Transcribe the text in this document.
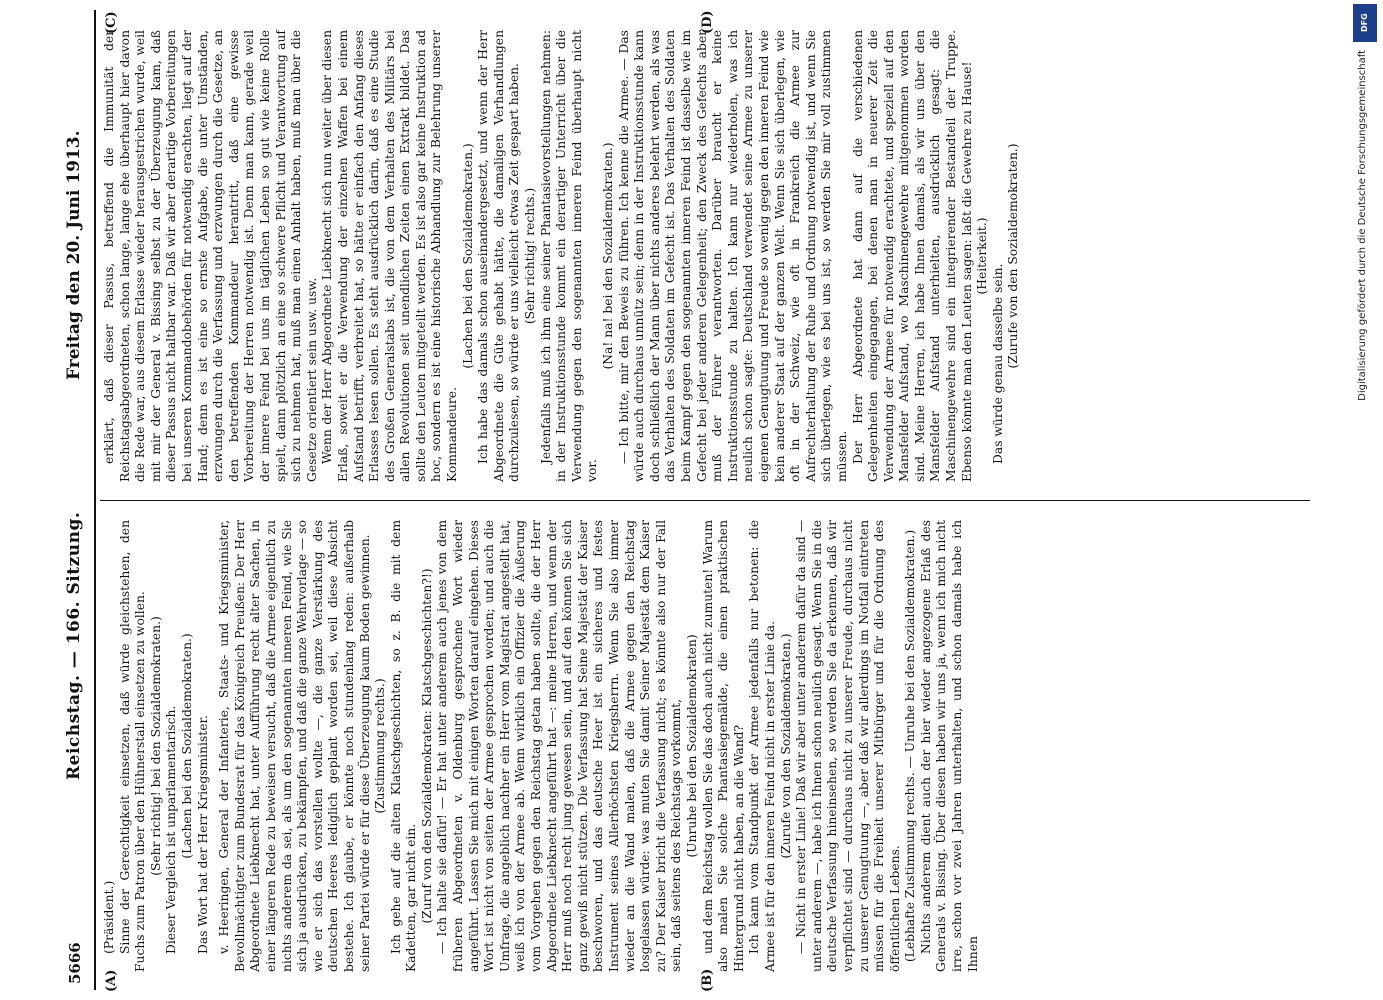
5666
Reichstag. — 166. Sitzung.
Freitag den 20. Juni 1913.
(A)	(B)
(C)	(D)
(Präsident.) Sinne der Gerechtigkeit einsetzen, daß würde gleichstehen, den Fuchs zum Patron über den Hühnerstall einsetzen zu wollen. (Sehr richtig! bei den Sozialdemokraten.) Dieser Vergleich ist unparlamentarisch. (Lachen bei den Sozialdemokraten.) Das Wort hat der Herr Kriegsminister. v. Heeringen, General der Infanterie, Staats- und Kriegsminister, Bevollmächtigter zum Bundesrat für das Königreich Preußen: Der Herr Abgeordnete Liebknecht hat, unter Aufführung recht alter Sachen, in einer längeren Rede zu beweisen versucht, daß die Armee eigentlich zu nichts anderem da sei, als um den sogenannten inneren Feind, wie Sie sich ja ausdrücken, zu bekämpfen, und daß die ganze Wehrvorlage — so wie er sich das vorstellen wollte —, die ganze Verstärkung des deutschen Heeres lediglich geplant worden sei, weil diese Absicht bestehe. Ich glaube, er könnte noch stundenlang reden: außerhalb seiner Partei würde er für diese Überzeugung kaum Boden gewinnen. (Zustimmung rechts.) Ich gehe auf die alten Klatschgeschichten, so z. B. die mit dem Kadetten, gar nicht ein. (Zuruf von den Sozialdemokraten: Klatschgeschichten?!) — Ich halte sie dafür! — Er hat unter anderem auch jenes von dem früheren Abgeordneten v. Oldenburg gesprochene Wort wieder angeführt. Lassen Sie mich mit einigen Worten darauf eingehen. Dieses Wort ist nicht von seiten der Armee gesprochen worden; und auch die Umfrage, die angeblich nachher ein Herr vom Magistrat angestellt hat, weiß ich von der Armee ab. Wenn wirklich ein Offizier die Äußerung vom Vorgehen gegen den Reichstag getan haben sollte, die der Herr Abgeordnete Liebknecht angeführt hat —: meine Herren, und wenn der Herr muß noch recht jung gewesen sein, und auf den können Sie sich ganz gewiß nicht stützen. Die Verfassung hat Seine Majestät der Kaiser beschworen, und das deutsche Heer ist ein sicheres und festes Instrument seines Allerhöchsten Kriegsherrn. Wenn Sie also immer wieder an die Wand malen, daß die Armee gegen den Reichstag losgelassen würde: was muten Sie damit Seiner Majestät dem Kaiser zu? Der Kaiser bricht die Verfassung nicht; es könnte also nur der Fall sein, daß seitens des Reichstags vorkommt, (Unruhe bei den Sozialdemokraten) und dem Reichstag wollen Sie das doch auch nicht zumuten! Warum also malen Sie solche Phantasiegemälde, die einen praktischen Hintergrund nicht haben, an die Wand? Ich kann vom Standpunkt der Armee jedenfalls nur betonen: die Armee ist für den inneren Feind nicht in erster Linie da. (Zurufe von den Sozialdemokraten.) — Nicht in erster Linie! Daß wir aber unter anderem dafür da sind — unter anderem —, habe ich Ihnen schon neulich gesagt. Wenn Sie in die deutsche Verfassung hineinsehen, so werden Sie da erkennen, daß wir verpflichtet sind — durchaus nicht zu unserer Freude, durchaus nicht zu unserer Genugtuung —, aber daß wir allerdings im Notfall eintreten müssen für die Freiheit unserer Mitbürger und für die Ordnung des öffentlichen Lebens. (Lebhafte Zustimmung rechts. — Unruhe bei den Sozialdemokraten.) Nichts anderem dient auch der hier wieder angezogene Erlaß des Generals v. Bissing. Über diesen haben wir uns ja, wenn ich mich nicht irre, schon vor zwei Jahren unterhalten, und schon damals habe ich Ihnen
erklärt, daß dieser Passus, betreffend die Immunität der Reichstagsabgeordneten, schon lange, lange ehe überhaupt hier davon die Rede war, aus diesem Erlasse wieder herausgestrichen wurde, weil mit mir der General v. Bissing selbst zu der Überzeugung kam, daß dieser Passus nicht haltbar war. Daß wir aber derartige Vorbereitungen bei unseren Kommandobehörden für notwendig erachten, liegt auf der Hand; denn es ist eine so ernste Aufgabe, die unter Umständen, erzwungen durch die Verfassung und erzwungen durch die Gesetze, an den betreffenden Kommandeur herantritt, daß eine gewisse Vorbereitung der Herren notwendig ist. Denn man kann, gerade weil der innere Feind bei uns im täglichen Leben so gut wie keine Rolle spielt, dann plötzlich an eine so schwere Pflicht und Verantwortung auf sich zu nehmen hat, muß man einen Anhalt haben, muß man über die Gesetze orientiert sein usw. usw. Wenn der Herr Abgeordnete Liebknecht sich nun weiter über diesen Erlaß, soweit er die Verwendung der einzelnen Waffen bei einem Aufstand betrifft, verbreitet hat, so hätte er einfach den Anfang dieses Erlasses lesen sollen. Es steht ausdrücklich darin, daß es eine Studie des Großen Generalstabs ist, die von dem Verhalten des Militärs bei allen Revolutionen seit unendlichen Zeiten einen Extrakt bildet. Das sollte den Leuten mitgeteilt werden. Es ist also gar keine Instruktion ad hoc, sondern es ist eine historische Abhandlung zur Belehrung unserer Kommandeure.
(Lachen bei den Sozialdemokraten.) Ich habe das damals schon auseinandergesetzt, und wenn der Herr Abgeordnete die Güte gehabt hätte, die damaligen Verhandlungen durchzulesen, so würde er uns vielleicht etwas Zeit gespart haben. (Sehr richtig! rechts.) Jedenfalls muß ich ihm eine seiner Phantasievorstellungen nehmen: in der Instruktionsstunde kommt ein derartiger Unterricht über die Verwendung gegen den sogenannten inneren Feind überhaupt nicht vor.
(Na! na! bei den Sozialdemokraten.) — Ich bitte, mir den Beweis zu führen. Ich kenne die Armee. — Das würde auch durchaus unnütz sein; denn in der Instruktionsstunde kann doch schließlich der Mann über nichts anderes belehrt werden, als was das Verhalten des Soldaten im Gefecht ist. Das Verhalten des Soldaten beim Kampf gegen den sogenannten inneren Feind ist dasselbe wie im Gefecht bei jeder anderen Gelegenheit; den Zweck des Gefechts aber muß der Führer verantworten. Darüber braucht er keine Instruktionsstunde zu halten. Ich kann nur wiederholen, was ich neulich schon sagte: Deutschland verwendet seine Armee zu unserer eigenen Genugtuung und Freude so wenig gegen den inneren Feind wie kein anderer Staat auf der ganzen Welt. Wenn Sie sich überlegen, wie oft in der Schweiz, wie oft in Frankreich die Armee zur Aufrechterhaltung der Ruhe und Ordnung notwendig ist, und wenn Sie sich überlegen, wie es bei uns ist, so werden Sie mir voll zustimmen müssen. Der Herr Abgeordnete hat dann auf die verschiedenen Gelegenheiten eingegangen, bei denen man in neuerer Zeit die Verwendung der Armee für notwendig erachtete, und speziell auf den Mansfelder Aufstand, wo Maschinengewehre mitgenommen worden sind. Meine Herren, ich habe Ihnen damals, als wir uns über den Mansfelder Aufstand unterhielten, ausdrücklich gesagt: die Maschinengewehre sind ein integrierender Bestandteil der Truppe. Ebenso könnte man den Leuten sagen: laßt die Gewehre zu Hause! (Heiterkeit.)
Das würde genau dasselbe sein. (Zurufe von den Sozialdemokraten.)
DFG
Digitalisierung gefördert durch die Deutsche Forschungsgemeinschaft
